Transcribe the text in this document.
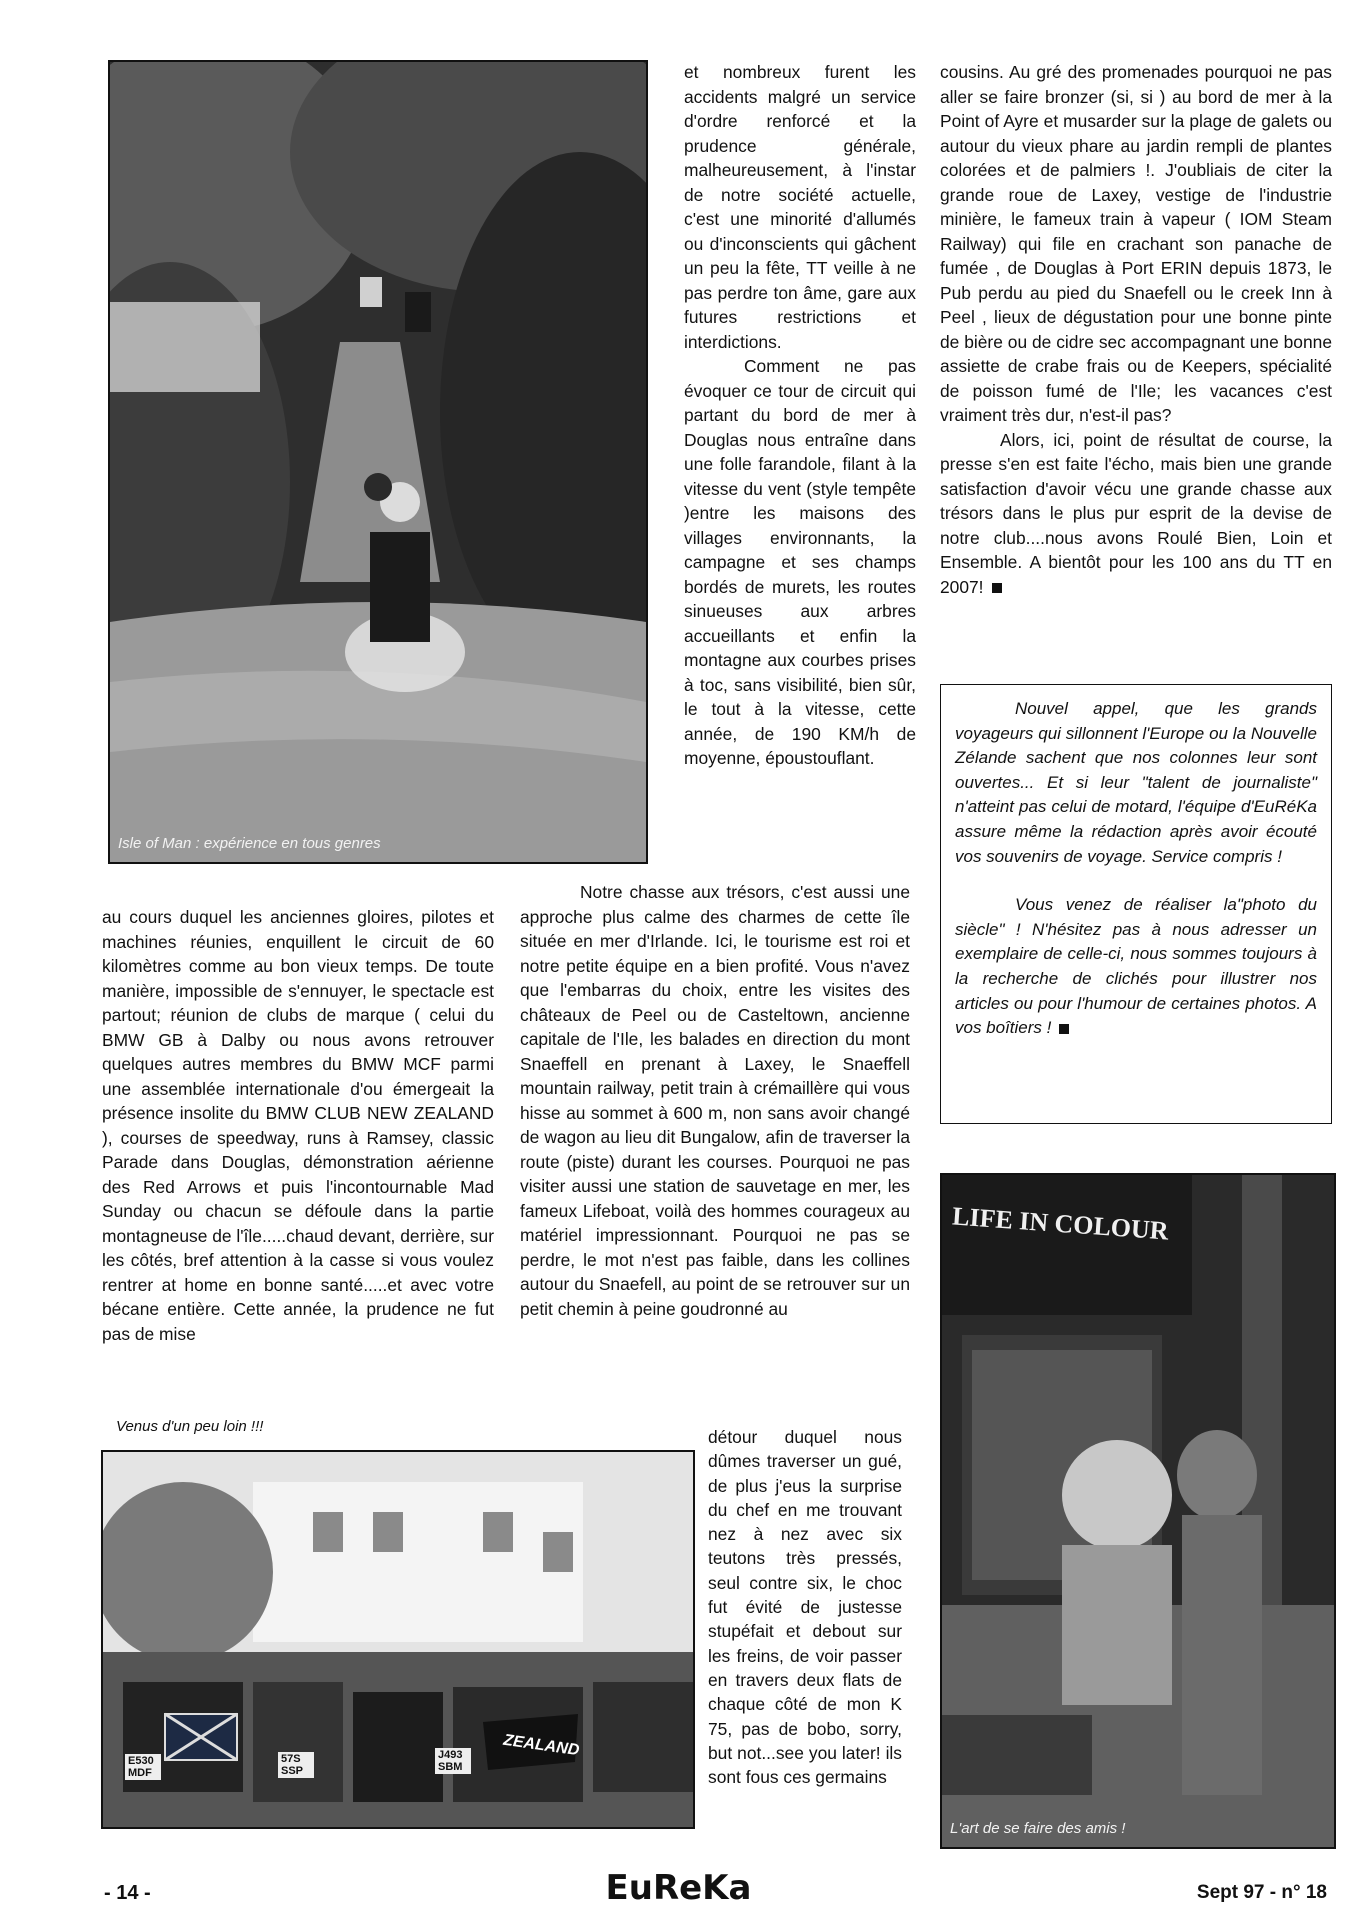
Isle of Man : expérience en tous genres

et nombreux furent les accidents malgré un service d'ordre renforcé et la prudence générale, malheureusement, à l'instar de notre société actuelle, c'est une minorité d'allumés ou d'inconscients qui gâchent un peu la fête, TT veille à ne pas perdre ton âme, gare aux futures restrictions et interdictions.

Comment ne pas évoquer ce tour de circuit qui partant du bord de mer à Douglas nous entraîne dans une folle farandole, filant à la vitesse du vent (style tempête )entre les maisons des villages environnants, la campagne et ses champs bordés de murets, les routes sinueuses aux arbres accueillants et enfin la montagne aux courbes prises à toc, sans visibilité, bien sûr, le tout à la vitesse, cette année, de 190 KM/h de moyenne, époustouflant.

cousins. Au gré des promenades pourquoi ne pas aller se faire bronzer (si, si ) au bord de mer à la Point of Ayre et musarder sur la plage de galets ou autour du vieux phare au jardin rempli de plantes colorées et de palmiers !. J'oubliais de citer la grande roue de Laxey, vestige de l'industrie minière, le fameux train à vapeur ( IOM Steam Railway) qui file en crachant son panache de fumée , de Douglas à Port ERIN depuis 1873, le Pub perdu au pied du Snaefell ou le creek Inn à Peel , lieux de dégustation pour une bonne pinte de bière ou de cidre sec accompagnant une bonne assiette de crabe frais ou de Keepers, spécialité de poisson fumé de l'Ile; les vacances c'est vraiment très dur, n'est-il pas?

Alors, ici, point de résultat de course, la presse s'en est faite l'écho, mais bien une grande satisfaction d'avoir vécu une grande chasse aux trésors dans le plus pur esprit de la devise de notre club....nous avons Roulé Bien, Loin et Ensemble. A bientôt pour les 100 ans du TT en 2007!

Nouvel appel, que les grands voyageurs qui sillonnent l'Europe ou la Nouvelle Zélande sachent que nos colonnes leur sont ouvertes... Et si leur "talent de journaliste" n'atteint pas celui de motard, l'équipe d'EuRéKa assure même la rédaction après avoir écouté vos souvenirs de voyage. Service compris !

Vous venez de réaliser la"photo du siècle" ! N'hésitez pas à nous adresser un exemplaire de celle-ci, nous sommes toujours à la recherche de clichés pour illustrer nos articles ou pour l'humour de certaines photos. A vos boîtiers !

au cours duquel les anciennes gloires, pilotes et machines réunies, enquillent le circuit de 60 kilomètres comme au bon vieux temps. De toute manière, impossible de s'ennuyer, le spectacle est partout; réunion de clubs de marque ( celui du BMW GB à Dalby ou nous avons retrouver quelques autres membres du BMW MCF parmi une assemblée internationale d'ou émergeait la présence insolite du BMW CLUB NEW ZEALAND ), courses de speedway, runs à Ramsey, classic Parade dans Douglas, démonstration aérienne des Red Arrows et puis l'incontournable Mad Sunday ou chacun se défoule dans la partie montagneuse de l'île.....chaud devant, derrière, sur les côtés, bref attention à la casse si vous voulez rentrer at home en bonne santé.....et avec votre bécane entière. Cette année, la prudence ne fut pas de mise

Notre chasse aux trésors, c'est aussi une approche plus calme des charmes de cette île située en mer d'Irlande. Ici, le tourisme est roi et notre petite équipe en a bien profité. Vous n'avez que l'embarras du choix, entre les visites des châteaux de Peel ou de Casteltown, ancienne capitale de l'Ile, les balades en direction du mont Snaeffell en prenant à Laxey, le Snaeffell mountain railway, petit train à crémaillère qui vous hisse au sommet à 600 m, non sans avoir changé de wagon au lieu dit Bungalow, afin de traverser la route (piste) durant les courses. Pourquoi ne pas visiter aussi une station de sauvetage en mer, les fameux Lifeboat, voilà des hommes courageux au matériel impressionnant. Pourquoi ne pas se perdre, le mot n'est pas faible, dans les collines autour du Snaefell, au point de se retrouver sur un petit chemin à peine goudronné au

détour duquel nous dûmes traverser un gué, de plus j'eus la surprise du chef en me trouvant nez à nez avec six teutons très pressés, seul contre six, le choc fut évité de justesse stupéfait et debout sur les freins, de voir passer en travers deux flats de chaque côté de mon K 75, pas de bobo, sorry, but not...see you later! ils sont fous ces germains

Venus d'un peu loin !!!
E530 MDF
57S SSP
J493 SBM
ZEALAND
LIFE IN COLOUR
L'art de se faire des amis !
- 14 -	EuReKa	Sept 97 - n° 18
